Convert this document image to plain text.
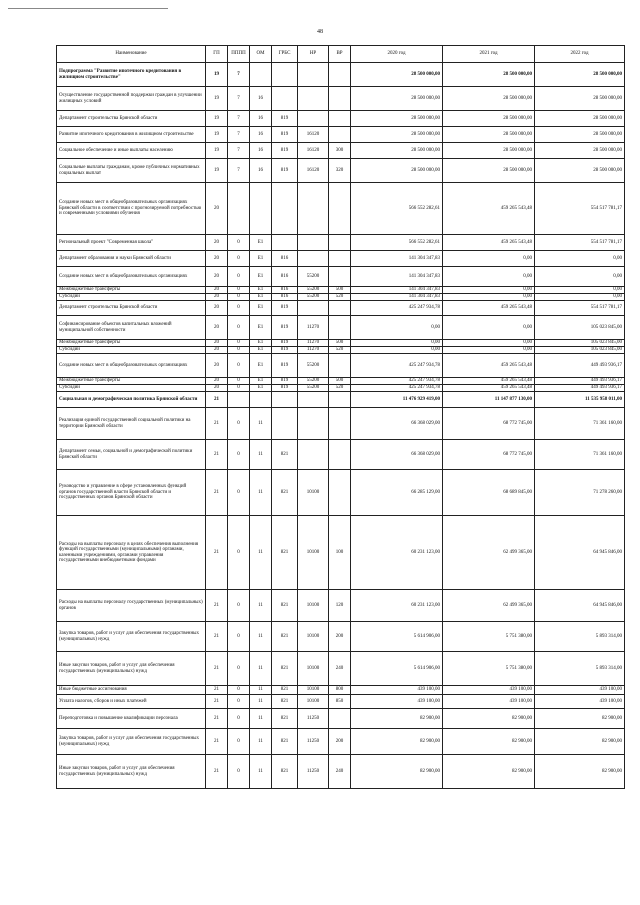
48
Наименование	ГП	ПППП	ОМ	ГРБС	НР	ВР	2020 год	2021 год	2022 год
Подпрограмма "Развитие ипотечного кредитования в жилищном строительстве"	19	7					28 500 000,00	28 500 000,00	28 500 000,00
Осуществление государственной поддержки граждан в улучшении жилищных условий	19	7	16				28 500 000,00	28 500 000,00	28 500 000,00
Департамент строительства Брянской области	19	7	16	819			28 500 000,00	28 500 000,00	28 500 000,00
Развитие ипотечного кредитования в жилищном строительстве	19	7	16	819	16120		28 500 000,00	28 500 000,00	28 500 000,00
Социальное обеспечение и иные выплаты населению	19	7	16	819	16120	300	28 500 000,00	28 500 000,00	28 500 000,00
Социальные выплаты гражданам, кроме публичных нормативных социальных выплат	19	7	16	819	16120	320	28 500 000,00	28 500 000,00	28 500 000,00
Создание новых мест в общеобразовательных организациях Брянской области в соответствии с прогнозируемой потребностью и современными условиями обучения	20						566 552 282,61	459 265 543,48	554 517 781,17
Региональный проект "Современная школа"	20	0	E1				566 552 282,61	459 265 543,48	554 517 781,17
Департамент образования и науки Брянской области	20	0	E1	816			141 304 347,83	0,00	0,00
Создание новых мест в общеобразовательных организациях	20	0	E1	816	55200		141 304 347,83	0,00	0,00
Межбюджетные трансферты	20	0	E1	816	55200	500	141 304 347,83	0,00	0,00
Субсидии	20	0	E1	816	55200	520	141 304 347,83	0,00	0,00
Департамент строительства Брянской области	20	0	E1	819			425 247 934,78	459 265 543,48	554 517 781,17
Софинансирование объектов капитальных вложений муниципальной собственности	20	0	E1	819	11270		0,00	0,00	105 023 845,00
Межбюджетные трансферты	20	0	E1	819	11270	500	0,00	0,00	105 023 845,00
Субсидии	20	0	E1	819	11270	520	0,00	0,00	105 023 845,00
Создание новых мест в общеобразовательных организациях	20	0	E1	819	55200		425 247 934,78	459 265 543,48	449 493 936,17
Межбюджетные трансферты	20	0	E1	819	55200	500	425 247 934,78	459 265 543,48	449 493 936,17
Субсидии	20	0	E1	819	55200	520	425 247 934,78	459 265 543,48	449 493 936,17
Социальная и демографическая политика Брянской области	21						11 476 929 419,00	11 147 877 130,00	11 535 958 011,00
Реализация единой государственной социальной политики на территории Брянской области	21	0	11				66 368 029,00	68 772 745,00	71 361 160,00
Департамент семьи, социальной и демографической политики Брянской области	21	0	11	821			66 368 029,00	68 772 745,00	71 361 160,00
Руководство и управление в сфере установленных функций органов государственной власти Брянской области и государственных органов Брянской области	21	0	11	821	10100		66 285 129,00	68 689 845,00	71 278 260,00
Расходы на выплаты персоналу в целях обеспечения выполнения функций государственными (муниципальными) органами, казенными учреждениями, органами управления государственными внебюджетными фондами	21	0	11	821	10100	100	60 231 123,00	62 499 365,00	64 945 846,00
Расходы на выплаты персоналу государственных (муниципальных) органов	21	0	11	821	10100	120	60 231 123,00	62 499 365,00	64 945 846,00
Закупка товаров, работ и услуг для обеспечения государственных (муниципальных) нужд	21	0	11	821	10100	200	5 614 906,00	5 751 380,00	5 893 314,00
Иные закупки товаров, работ и услуг для обеспечения государственных (муниципальных) нужд	21	0	11	821	10100	240	5 614 906,00	5 751 380,00	5 893 314,00
Иные бюджетные ассигнования	21	0	11	821	10100	800	439 100,00	439 100,00	439 100,00
Уплата налогов, сборов и иных платежей	21	0	11	821	10100	850	439 100,00	439 100,00	439 100,00
Переподготовка и повышение квалификации персонала	21	0	11	821	11250		82 900,00	82 900,00	82 900,00
Закупка товаров, работ и услуг для обеспечения государственных (муниципальных) нужд	21	0	11	821	11250	200	82 900,00	82 900,00	82 900,00
Иные закупки товаров, работ и услуг для обеспечения государственных (муниципальных) нужд	21	0	11	821	11250	240	82 900,00	82 900,00	82 900,00
